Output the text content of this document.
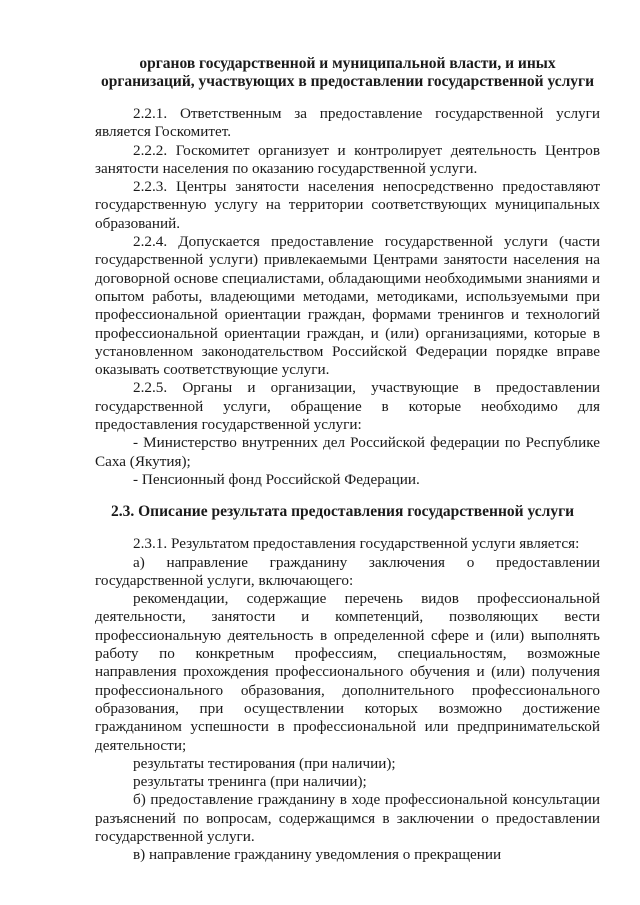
органов государственной и муниципальной власти, и иных организаций, участвующих в предоставлении государственной услуги

2.2.1. Ответственным за предоставление государственной услуги является Госкомитет.

2.2.2. Госкомитет организует и контролирует деятельность Центров занятости населения по оказанию государственной услуги.

2.2.3. Центры занятости населения непосредственно предоставляют государственную услугу на территории соответствующих муниципальных образований.

2.2.4. Допускается предоставление государственной услуги (части государственной услуги) привлекаемыми Центрами занятости населения на договорной основе специалистами, обладающими необходимыми знаниями и опытом работы, владеющими методами, методиками, используемыми при профессиональной ориентации граждан, формами тренингов и технологий профессиональной ориентации граждан, и (или) организациями, которые в установленном законодательством Российской Федерации порядке вправе оказывать соответствующие услуги.

2.2.5. Органы и организации, участвующие в предоставлении государственной услуги, обращение в которые необходимо для предоставления государственной услуги:

- Министерство внутренних дел Российской федерации по Республике Саха (Якутия);

- Пенсионный фонд Российской Федерации.

2.3. Описание результата предоставления государственной услуги

2.3.1. Результатом предоставления государственной услуги является:

а) направление гражданину заключения о предоставлении государственной услуги, включающего:

рекомендации, содержащие перечень видов профессиональной деятельности, занятости и компетенций, позволяющих вести профессиональную деятельность в определенной сфере и (или) выполнять работу по конкретным профессиям, специальностям, возможные направления прохождения профессионального обучения и (или) получения профессионального образования, дополнительного профессионального образования, при осуществлении которых возможно достижение гражданином успешности в профессиональной или предпринимательской деятельности;

результаты тестирования (при наличии);

результаты тренинга (при наличии);

б) предоставление гражданину в ходе профессиональной консультации разъяснений по вопросам, содержащимся в заключении о предоставлении государственной услуги.

в) направление гражданину уведомления о прекращении
